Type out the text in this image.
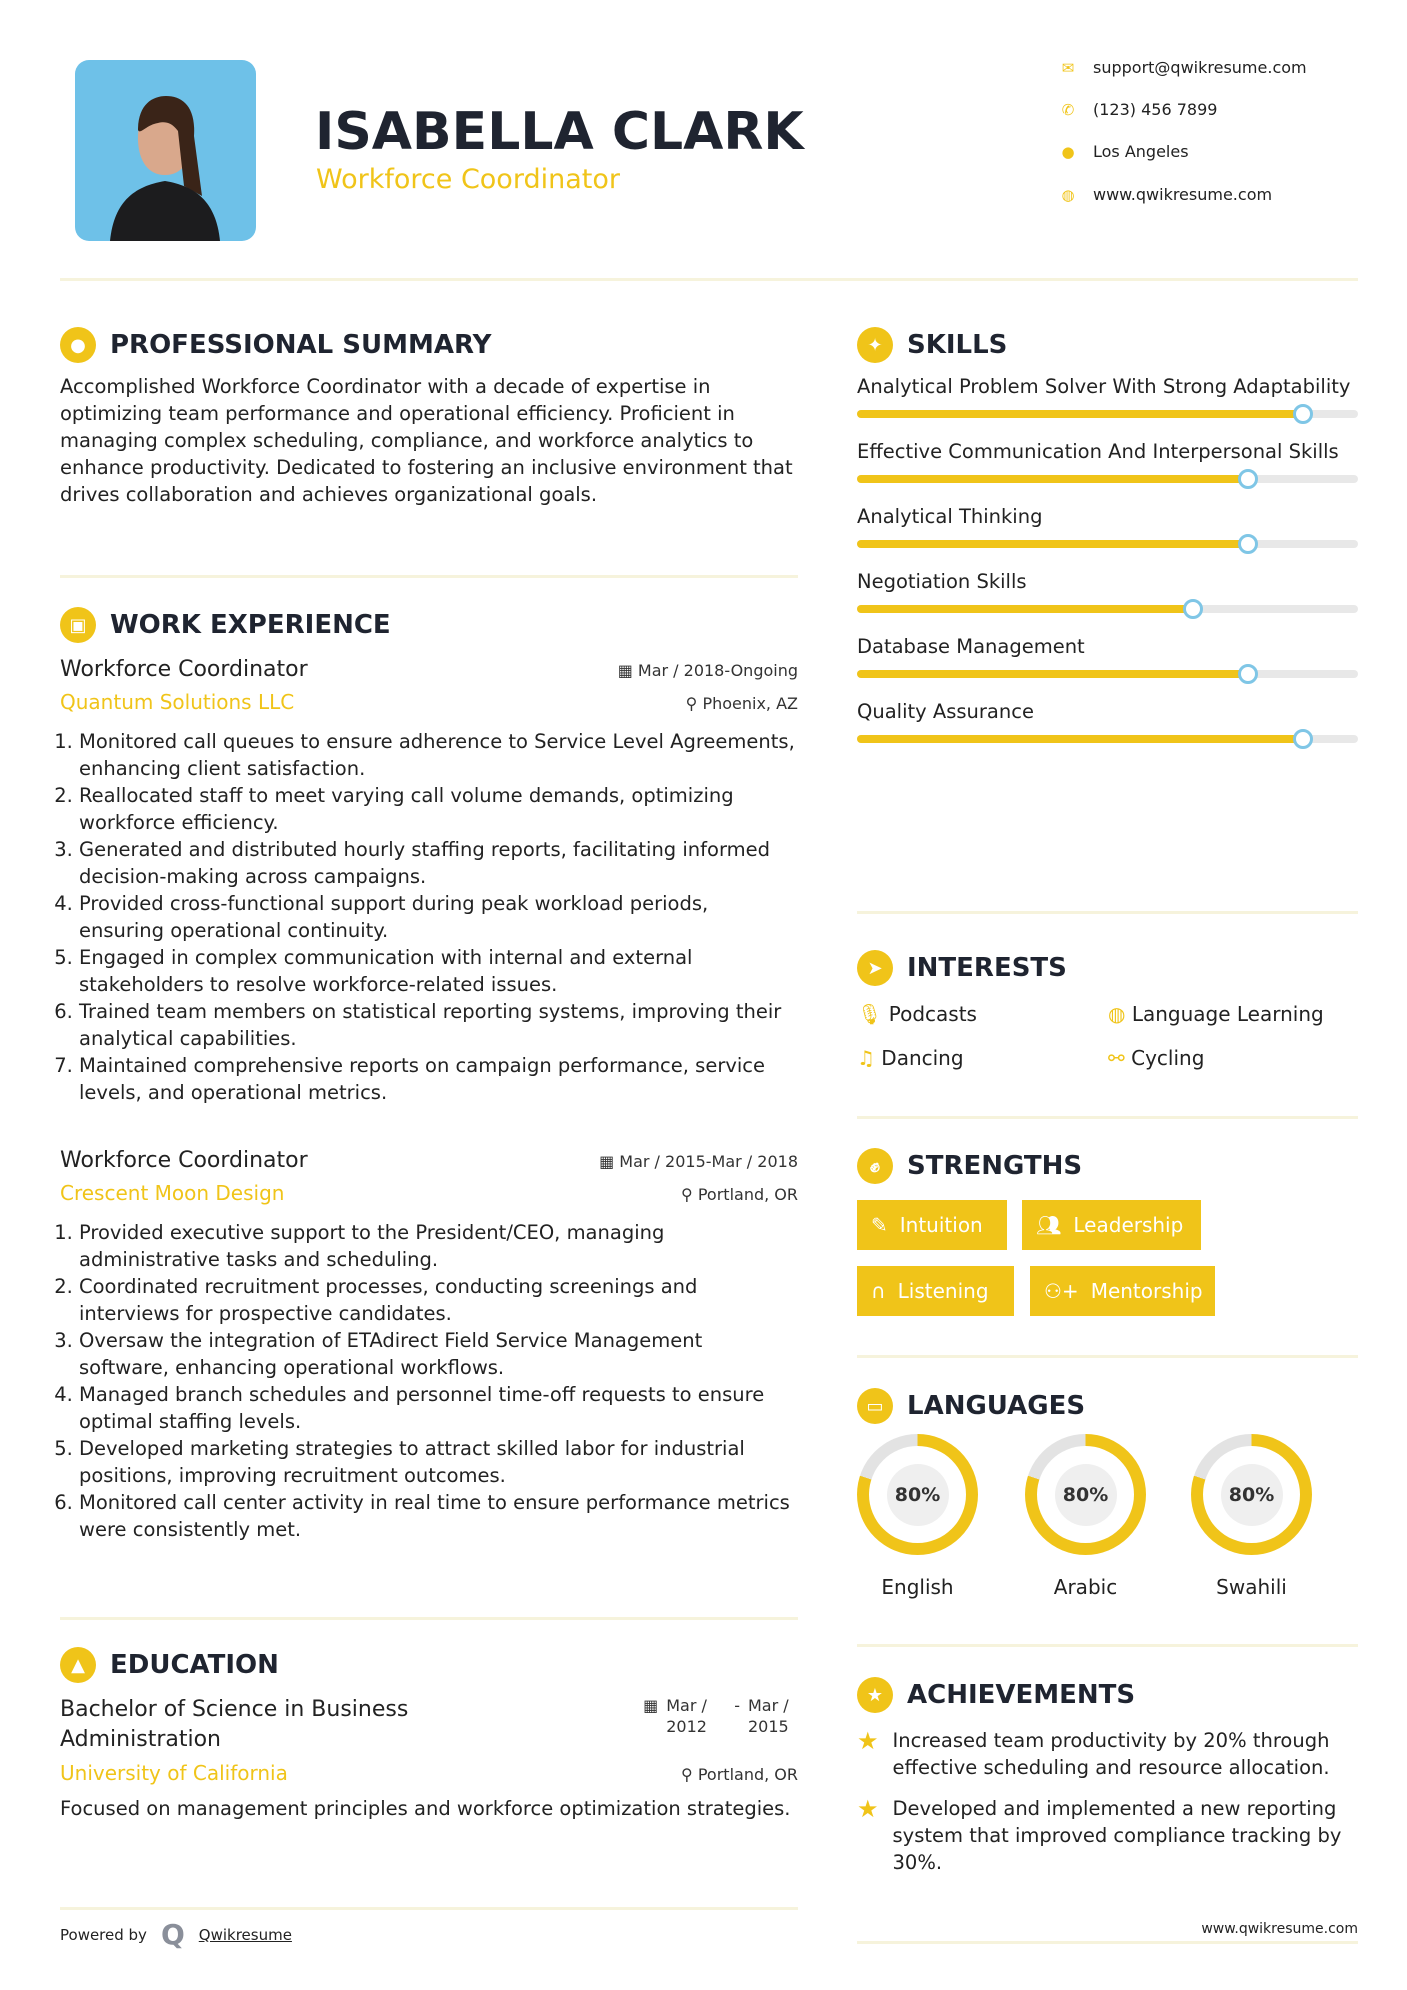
ISABELLA CLARK
Workforce Coordinator
✉ support@qwikresume.com
✆ (123) 456 7899
● Los Angeles
◍ www.qwikresume.com
● PROFESSIONAL SUMMARY
Accomplished Workforce Coordinator with a decade of expertise in optimizing team performance and operational efficiency. Proficient in managing complex scheduling, compliance, and workforce analytics to enhance productivity. Dedicated to fostering an inclusive environment that drives collaboration and achieves organizational goals.
▣ WORK EXPERIENCE
Workforce Coordinator	▦ Mar / 2018-Ongoing
Quantum Solutions LLC	⚲ Phoenix, AZ
1. Monitored call queues to ensure adherence to Service Level Agreements, enhancing client satisfaction.
2. Reallocated staff to meet varying call volume demands, optimizing workforce efficiency.
3. Generated and distributed hourly staffing reports, facilitating informed decision-making across campaigns.
4. Provided cross-functional support during peak workload periods, ensuring operational continuity.
5. Engaged in complex communication with internal and external stakeholders to resolve workforce-related issues.
6. Trained team members on statistical reporting systems, improving their analytical capabilities.
7. Maintained comprehensive reports on campaign performance, service levels, and operational metrics.
Workforce Coordinator	▦ Mar / 2015-Mar / 2018
Crescent Moon Design	⚲ Portland, OR
1. Provided executive support to the President/CEO, managing administrative tasks and scheduling.
2. Coordinated recruitment processes, conducting screenings and interviews for prospective candidates.
3. Oversaw the integration of ETAdirect Field Service Management software, enhancing operational workflows.
4. Managed branch schedules and personnel time-off requests to ensure optimal staffing levels.
5. Developed marketing strategies to attract skilled labor for industrial positions, improving recruitment outcomes.
6. Monitored call center activity in real time to ensure performance metrics were consistently met.
▲ EDUCATION
Bachelor of Science in Business Administration
▦ Mar / 2012
- Mar / 2015
University of California	⚲ Portland, OR
Focused on management principles and workforce optimization strategies.
Powered by Q Qwikresume
✦ SKILLS
Analytical Problem Solver With Strong Adaptability
Effective Communication And Interpersonal Skills
Analytical Thinking
Negotiation Skills
Database Management
Quality Assurance
➤ INTERESTS
🎙︎ Podcasts	◍ Language Learning
♫ Dancing	⚯ Cycling
✊︎	STRENGTHS
✎ Intuition	👥︎ Leadership
∩ Listening	⚇+ Mentorship
▭ LANGUAGES
80%
English
80%
Arabic
80%
Swahili
★ ACHIEVEMENTS
★ Increased team productivity by 20% through effective scheduling and resource allocation.
★ Developed and implemented a new reporting system that improved compliance tracking by 30%.
www.qwikresume.com
